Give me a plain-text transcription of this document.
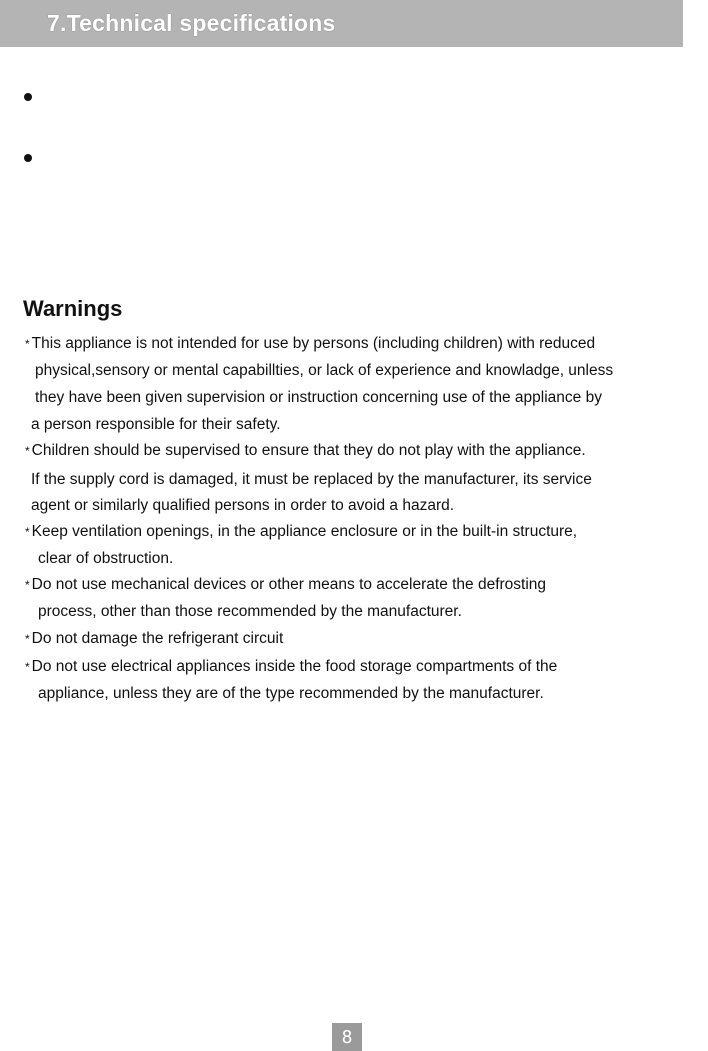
7.Technical specifications
Warnings
* This appliance is not intended for use by persons (including children) with reduced
physical,sensory or mental capabillties, or lack of experience and knowladge, unless
they have been given supervision or instruction concerning use of the appliance by
a person responsible for their safety.
* Children should be supervised to ensure that they do not play with the appliance.
If the supply cord is damaged, it must be replaced by the manufacturer, its service
agent or similarly qualified persons in order to avoid a hazard.
* Keep ventilation openings, in the appliance enclosure or in the built-in structure,
clear of obstruction.
* Do not use mechanical devices or other means to accelerate the defrosting
process, other than those recommended by the manufacturer.
* Do not damage the refrigerant circuit
* Do not use electrical appliances inside the food storage compartments of the
appliance, unless they are of the type recommended by the manufacturer.
8
